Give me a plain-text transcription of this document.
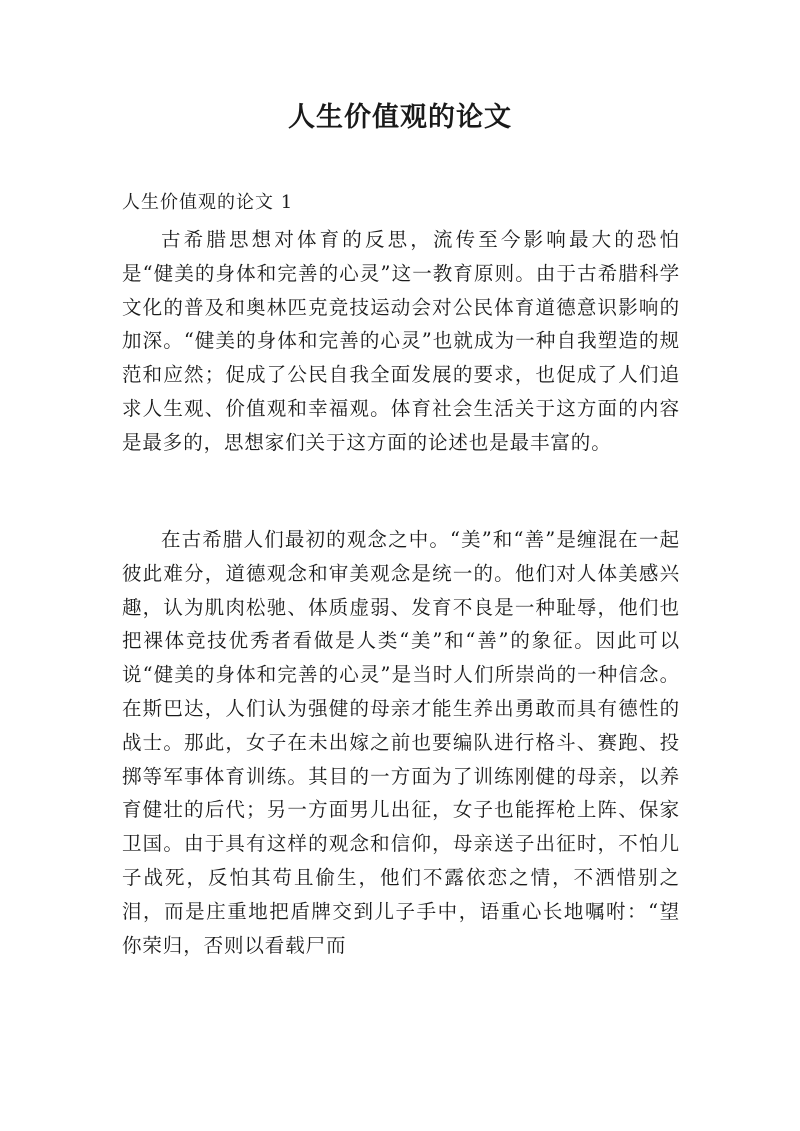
人生价值观的论文

人生价值观的论文 1

古希腊思想对体育的反思，流传至今影响最大的恐怕是“健美的身体和完善的心灵”这一教育原则。由于古希腊科学文化的普及和奥林匹克竞技运动会对公民体育道德意识影响的加深。“健美的身体和完善的心灵”也就成为一种自我塑造的规范和应然；促成了公民自我全面发展的要求，也促成了人们追求人生观、价值观和幸福观。体育社会生活关于这方面的内容是最多的，思想家们关于这方面的论述也是最丰富的。

在古希腊人们最初的观念之中。“美”和“善”是缠混在一起彼此难分，道德观念和审美观念是统一的。他们对人体美感兴趣，认为肌肉松驰、体质虚弱、发育不良是一种耻辱，他们也把裸体竞技优秀者看做是人类“美”和“善”的象征。因此可以说“健美的身体和完善的心灵”是当时人们所崇尚的一种信念。在斯巴达，人们认为强健的母亲才能生养出勇敢而具有德性的战士。那此，女子在未出嫁之前也要编队进行格斗、赛跑、投掷等军事体育训练。其目的一方面为了训练刚健的母亲，以养育健壮的后代；另一方面男儿出征，女子也能挥枪上阵、保家卫国。由于具有这样的观念和信仰，母亲送子出征时，不怕儿子战死，反怕其苟且偷生，他们不露依恋之情，不洒惜别之泪，而是庄重地把盾牌交到儿子手中，语重心长地嘱咐：“望你荣归，否则以看载尸而
